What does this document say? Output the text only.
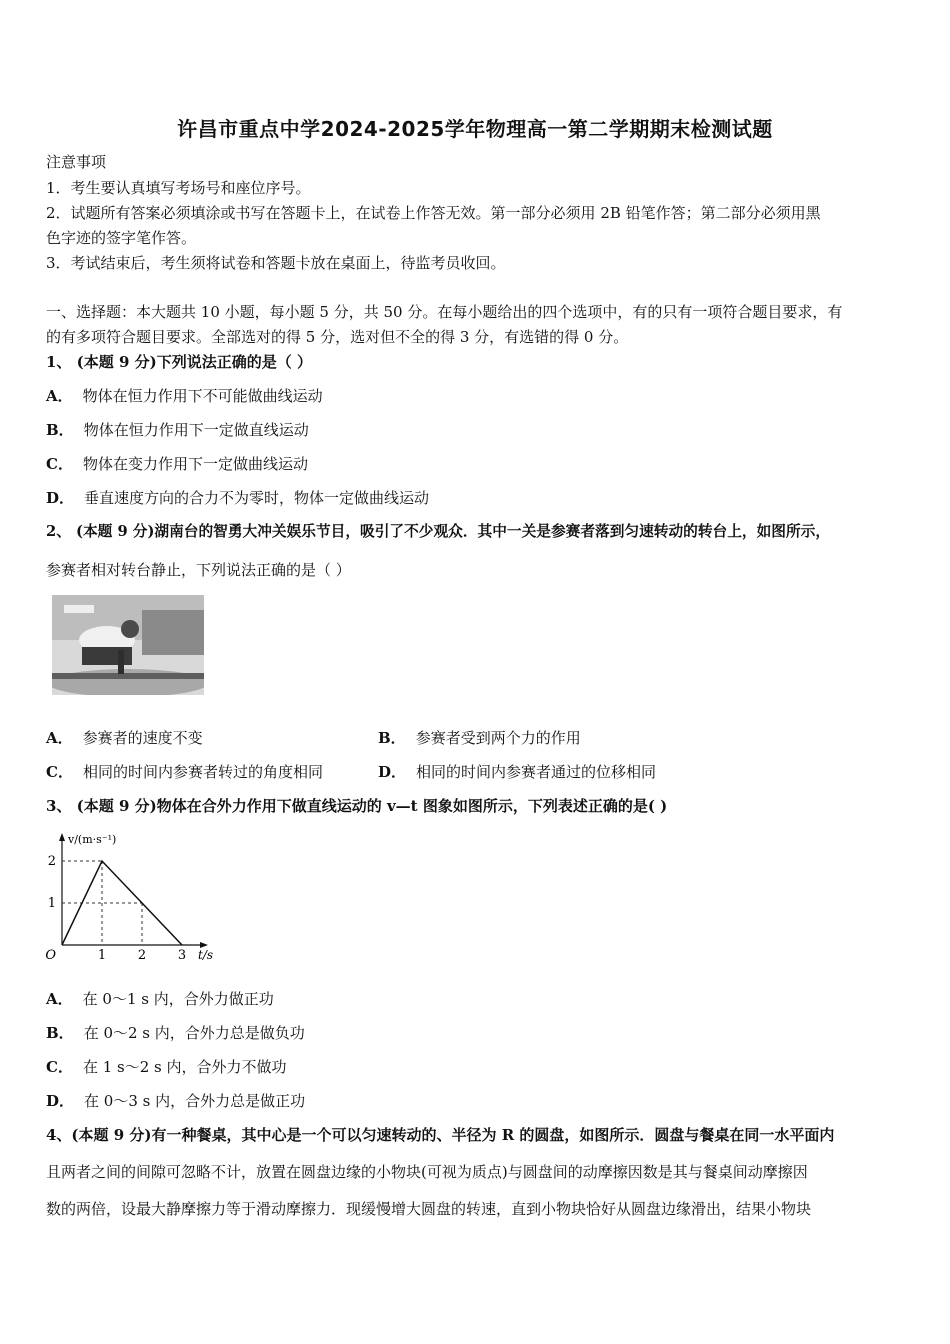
许昌市重点中学2024-2025学年物理高一第二学期期末检测试题
注意事项
1．考生要认真填写考场号和座位序号。
2．试题所有答案必须填涂或书写在答题卡上，在试卷上作答无效。第一部分必须用 2B 铅笔作答；第二部分必须用黑
色字迹的签字笔作答。
3．考试结束后，考生须将试卷和答题卡放在桌面上，待监考员收回。
一、选择题：本大题共 10 小题，每小题 5 分，共 50 分。在每小题给出的四个选项中，有的只有一项符合题目要求，有
的有多项符合题目要求。全部选对的得 5 分，选对但不全的得 3 分，有选错的得 0 分。
1、 (本题 9 分)下列说法正确的是（ ）
A． 物体在恒力作用下不可能做曲线运动
B． 物体在恒力作用下一定做直线运动
C． 物体在变力作用下一定做曲线运动
D． 垂直速度方向的合力不为零时，物体一定做曲线运动
2、 (本题 9 分)湖南台的智勇大冲关娱乐节目，吸引了不少观众．其中一关是参赛者落到匀速转动的转台上，如图所示，
参赛者相对转台静止，下列说法正确的是（ ）
A． 参赛者的速度不变	B． 参赛者受到两个力的作用
C． 相同的时间内参赛者转过的角度相同	D． 相同的时间内参赛者通过的位移相同
3、 (本题 9 分)物体在合外力作用下做直线运动的 v—t 图象如图所示，下列表述正确的是( )
1 2 3
1
2
O	t/s
v/(m·s⁻¹)
A． 在 0～1 s 内，合外力做正功
B． 在 0～2 s 内，合外力总是做负功
C． 在 1 s～2 s 内，合外力不做功
D． 在 0～3 s 内，合外力总是做正功
4、(本题 9 分)有一种餐桌，其中心是一个可以匀速转动的、半径为 R 的圆盘，如图所示．圆盘与餐桌在同一水平面内
且两者之间的间隙可忽略不计，放置在圆盘边缘的小物块(可视为质点)与圆盘间的动摩擦因数是其与餐桌间动摩擦因
数的两倍，设最大静摩擦力等于滑动摩擦力．现缓慢增大圆盘的转速，直到小物块恰好从圆盘边缘滑出，结果小物块
